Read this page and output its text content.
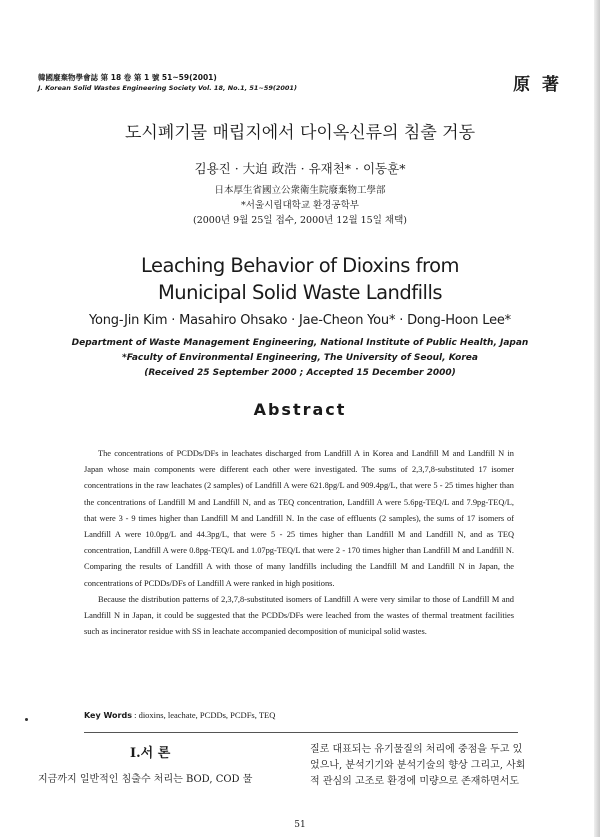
韓國廢棄物學會誌 第 18 卷 第 1 號 51~59(2001)
J. Korean Solid Wastes Engineering Society Vol. 18, No.1, 51~59(2001)	原 著
도시폐기물 매립지에서 다이옥신류의 침출 거동
김용진 · 大迫 政浩 · 유재천* · 이동훈*
日本厚生省國立公衆衛生院廢棄物工學部
*서울시립대학교 환경공학부
(2000년 9월 25일 접수, 2000년 12월 15일 채택)
Leaching Behavior of Dioxins from
Municipal Solid Waste Landfills
Yong-Jin Kim · Masahiro Ohsako · Jae-Cheon You* · Dong-Hoon Lee*
Department of Waste Management Engineering, National Institute of Public Health, Japan
*Faculty of Environmental Engineering, The University of Seoul, Korea
(Received 25 September 2000 ; Accepted 15 December 2000)
Abstract

The concentrations of PCDDs/DFs in leachates discharged from Landfill A in Korea and Landfill M and Landfill N in Japan whose main components were different each other were investigated. The sums of 2,3,7,8-substituted 17 isomer concentrations in the raw leachates (2 samples) of Landfill A were 621.8pg/L and 909.4pg/L, that were 5 - 25 times higher than the concentrations of Landfill M and Landfill N, and as TEQ concentration, Landfill A were 5.6pg-TEQ/L and 7.9pg-TEQ/L, that were 3 - 9 times higher than Landfill M and Landfill N. In the case of effluents (2 samples), the sums of 17 isomers of Landfill A were 10.0pg/L and 44.3pg/L, that were 5 - 25 times higher than Landfill M and Landfill N, and as TEQ concentration, Landfill A were 0.8pg-TEQ/L and 1.07pg-TEQ/L that were 2 - 170 times higher than Landfill M and Landfill N. Comparing the results of Landfill A with those of many landfills including the Landfill M and Landfill N in Japan, the concentrations of PCDDs/DFs of Landfill A were ranked in high positions.

Because the distribution patterns of 2,3,7,8-substituted isomers of Landfill A were very similar to those of Landfill M and Landfill N in Japan, it could be suggested that the PCDDs/DFs were leached from the wastes of thermal treatment facilities such as incinerator residue with SS in leachate accompanied decomposition of municipal solid wastes.

Key Words : dioxins, leachate, PCDDs, PCDFs, TEQ
Ⅰ.서 론
지금까지 일반적인 침출수 처리는 BOD, COD 물
질로 대표되는 유기물질의 처리에 중점을 두고 있
었으나, 분석기기와 분석기술의 향상 그리고, 사회
적 관심의 고조로 환경에 미량으로 존재하면서도
51
